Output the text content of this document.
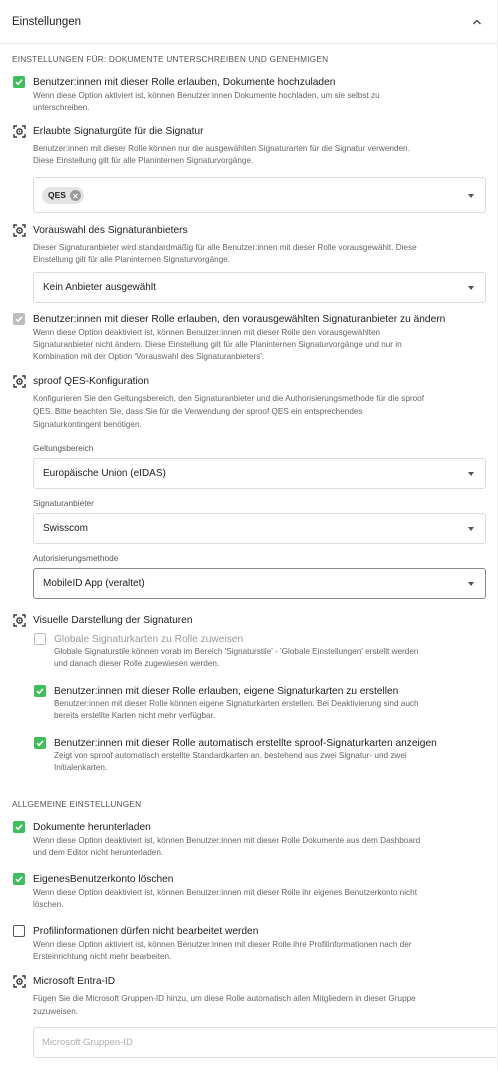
Einstellungen
EINSTELLUNGEN FÜR: DOKUMENTE UNTERSCHREIBEN UND GENEHMIGEN
Benutzer:innen mit dieser Rolle erlauben, Dokumente hochzuladen
Wenn diese Option aktiviert ist, können Benutzer:innen Dokumente hochladen, um sie selbst zu
unterschreiben.
Erlaubte Signaturgüte für die Signatur
Benutzer:innen mit dieser Rolle können nur die ausgewählten Signaturarten für die Signatur verwenden.
Diese Einstellung gilt für alle Planinternen Signaturvorgänge.
QES
Vorauswahl des Signaturanbieters
Dieser Signaturanbieter wird standardmäßig für alle Benutzer:innen mit dieser Rolle vorausgewählt. Diese
Einstellung gilt für alle Planinternen Signaturvorgänge.
Kein Anbieter ausgewählt
Benutzer:innen mit dieser Rolle erlauben, den vorausgewählten Signaturanbieter zu ändern
Wenn diese Option deaktiviert ist, können Benutzer:innen mit dieser Rolle den vorausgewählten
Signaturanbieter nicht ändern. Diese Einstellung gilt für alle Planinternen Signaturvorgänge und nur in
Kombination mit der Option 'Vorauswahl des Signaturanbieters'.
sproof QES-Konfiguration
Konfigurieren Sie den Geltungsbereich, den Signaturanbieter und die Authorisierungsmethode für die sproof
QES. Bitte beachten Sie, dass Sie für die Verwendung der sproof QES ein entsprechendes
Signaturkontingent benötigen.
Geltungsbereich
Europäische Union (eIDAS)
Signaturanbieter
Swisscom
Autorisierungsmethode
MobileID App (veraltet)
Visuelle Darstellung der Signaturen
Globale Signaturkarten zu Rolle zuweisen
Globale Signaturstile können vorab im Bereich 'Signaturstile' - 'Globale Einstellungen' erstellt werden
und danach dieser Rolle zugewiesen werden.
Benutzer:innen mit dieser Rolle erlauben, eigene Signaturkarten zu erstellen
Benutzer:innen mit dieser Rolle können eigene Signaturkarten erstellen. Bei Deaktivierung sind auch
bereits erstellte Karten nicht mehr verfügbar.
Benutzer:innen mit dieser Rolle automatisch erstellte sproof-Signaturkarten anzeigen
Zeigt von sproof automatisch erstellte Standardkarten an, bestehend aus zwei Signatur- und zwei
Initialenkarten.
ALLGEMEINE EINSTELLUNGEN
Dokumente herunterladen
Wenn diese Option deaktiviert ist, können Benutzer:innen mit dieser Rolle Dokumente aus dem Dashboard
und dem Editor nicht herunterladen.
EigenesBenutzerkonto löschen
Wenn diese Option deaktiviert ist, können Benutzer:innen mit dieser Rolle ihr eigenes Benutzerkonto nicht
löschen.
Profilinformationen dürfen nicht bearbeitet werden
Wenn diese Option aktiviert ist, können Benutzer:innen mit dieser Rolle ihre Profilinformationen nach der
Ersteinrichtung nicht mehr bearbeiten.
Microsoft Entra-ID
Fügen Sie die Microsoft Gruppen-ID hinzu, um diese Rolle automatisch allen Mitgliedern in dieser Gruppe
zuzuweisen.
Microsoft Gruppen-ID
